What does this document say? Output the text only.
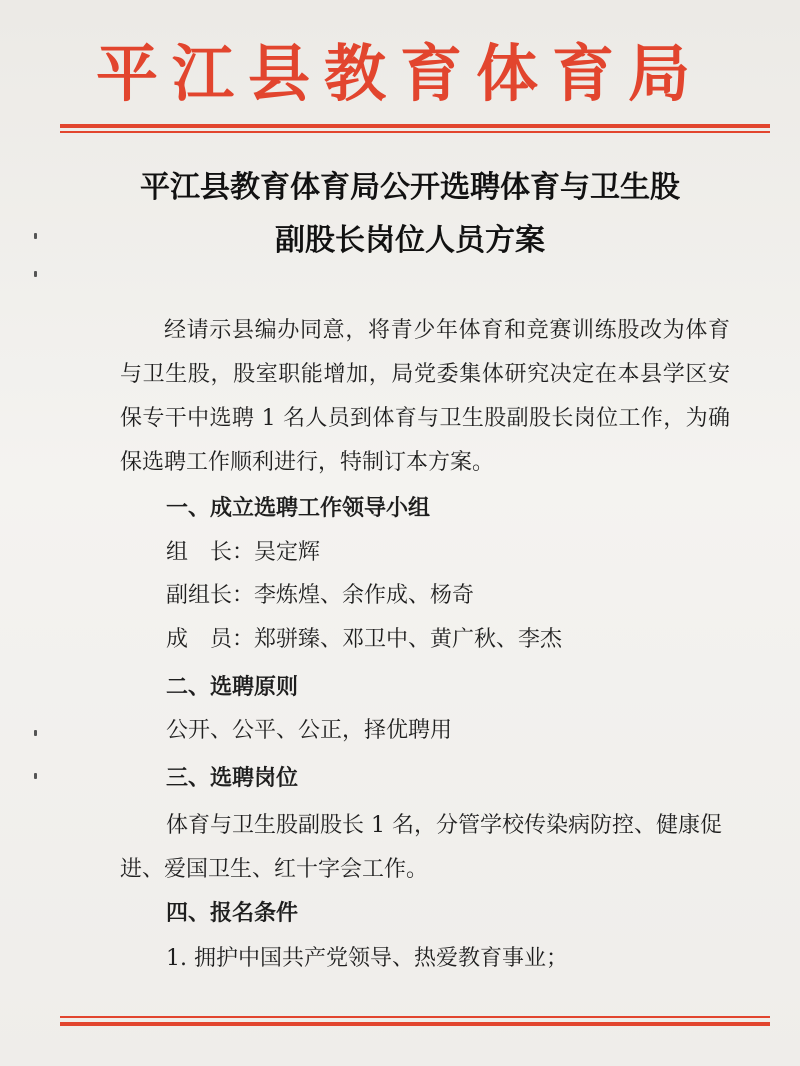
平江县教育体育局
平江县教育体育局公开选聘体育与卫生股
副股长岗位人员方案
经请示县编办同意，将青少年体育和竞赛训练股改为体育与卫生股，股室职能增加，局党委集体研究决定在本县学区安保专干中选聘 1 名人员到体育与卫生股副股长岗位工作，为确保选聘工作顺利进行，特制订本方案。
一、成立选聘工作领导小组
组　长：吴定辉
副组长：李炼煌、余作成、杨奇
成　员：郑骈臻、邓卫中、黄广秋、李杰
二、选聘原则
公开、公平、公正，择优聘用
三、选聘岗位
体育与卫生股副股长 1 名，分管学校传染病防控、健康促进、爱国卫生、红十字会工作。
四、报名条件
1. 拥护中国共产党领导、热爱教育事业；
